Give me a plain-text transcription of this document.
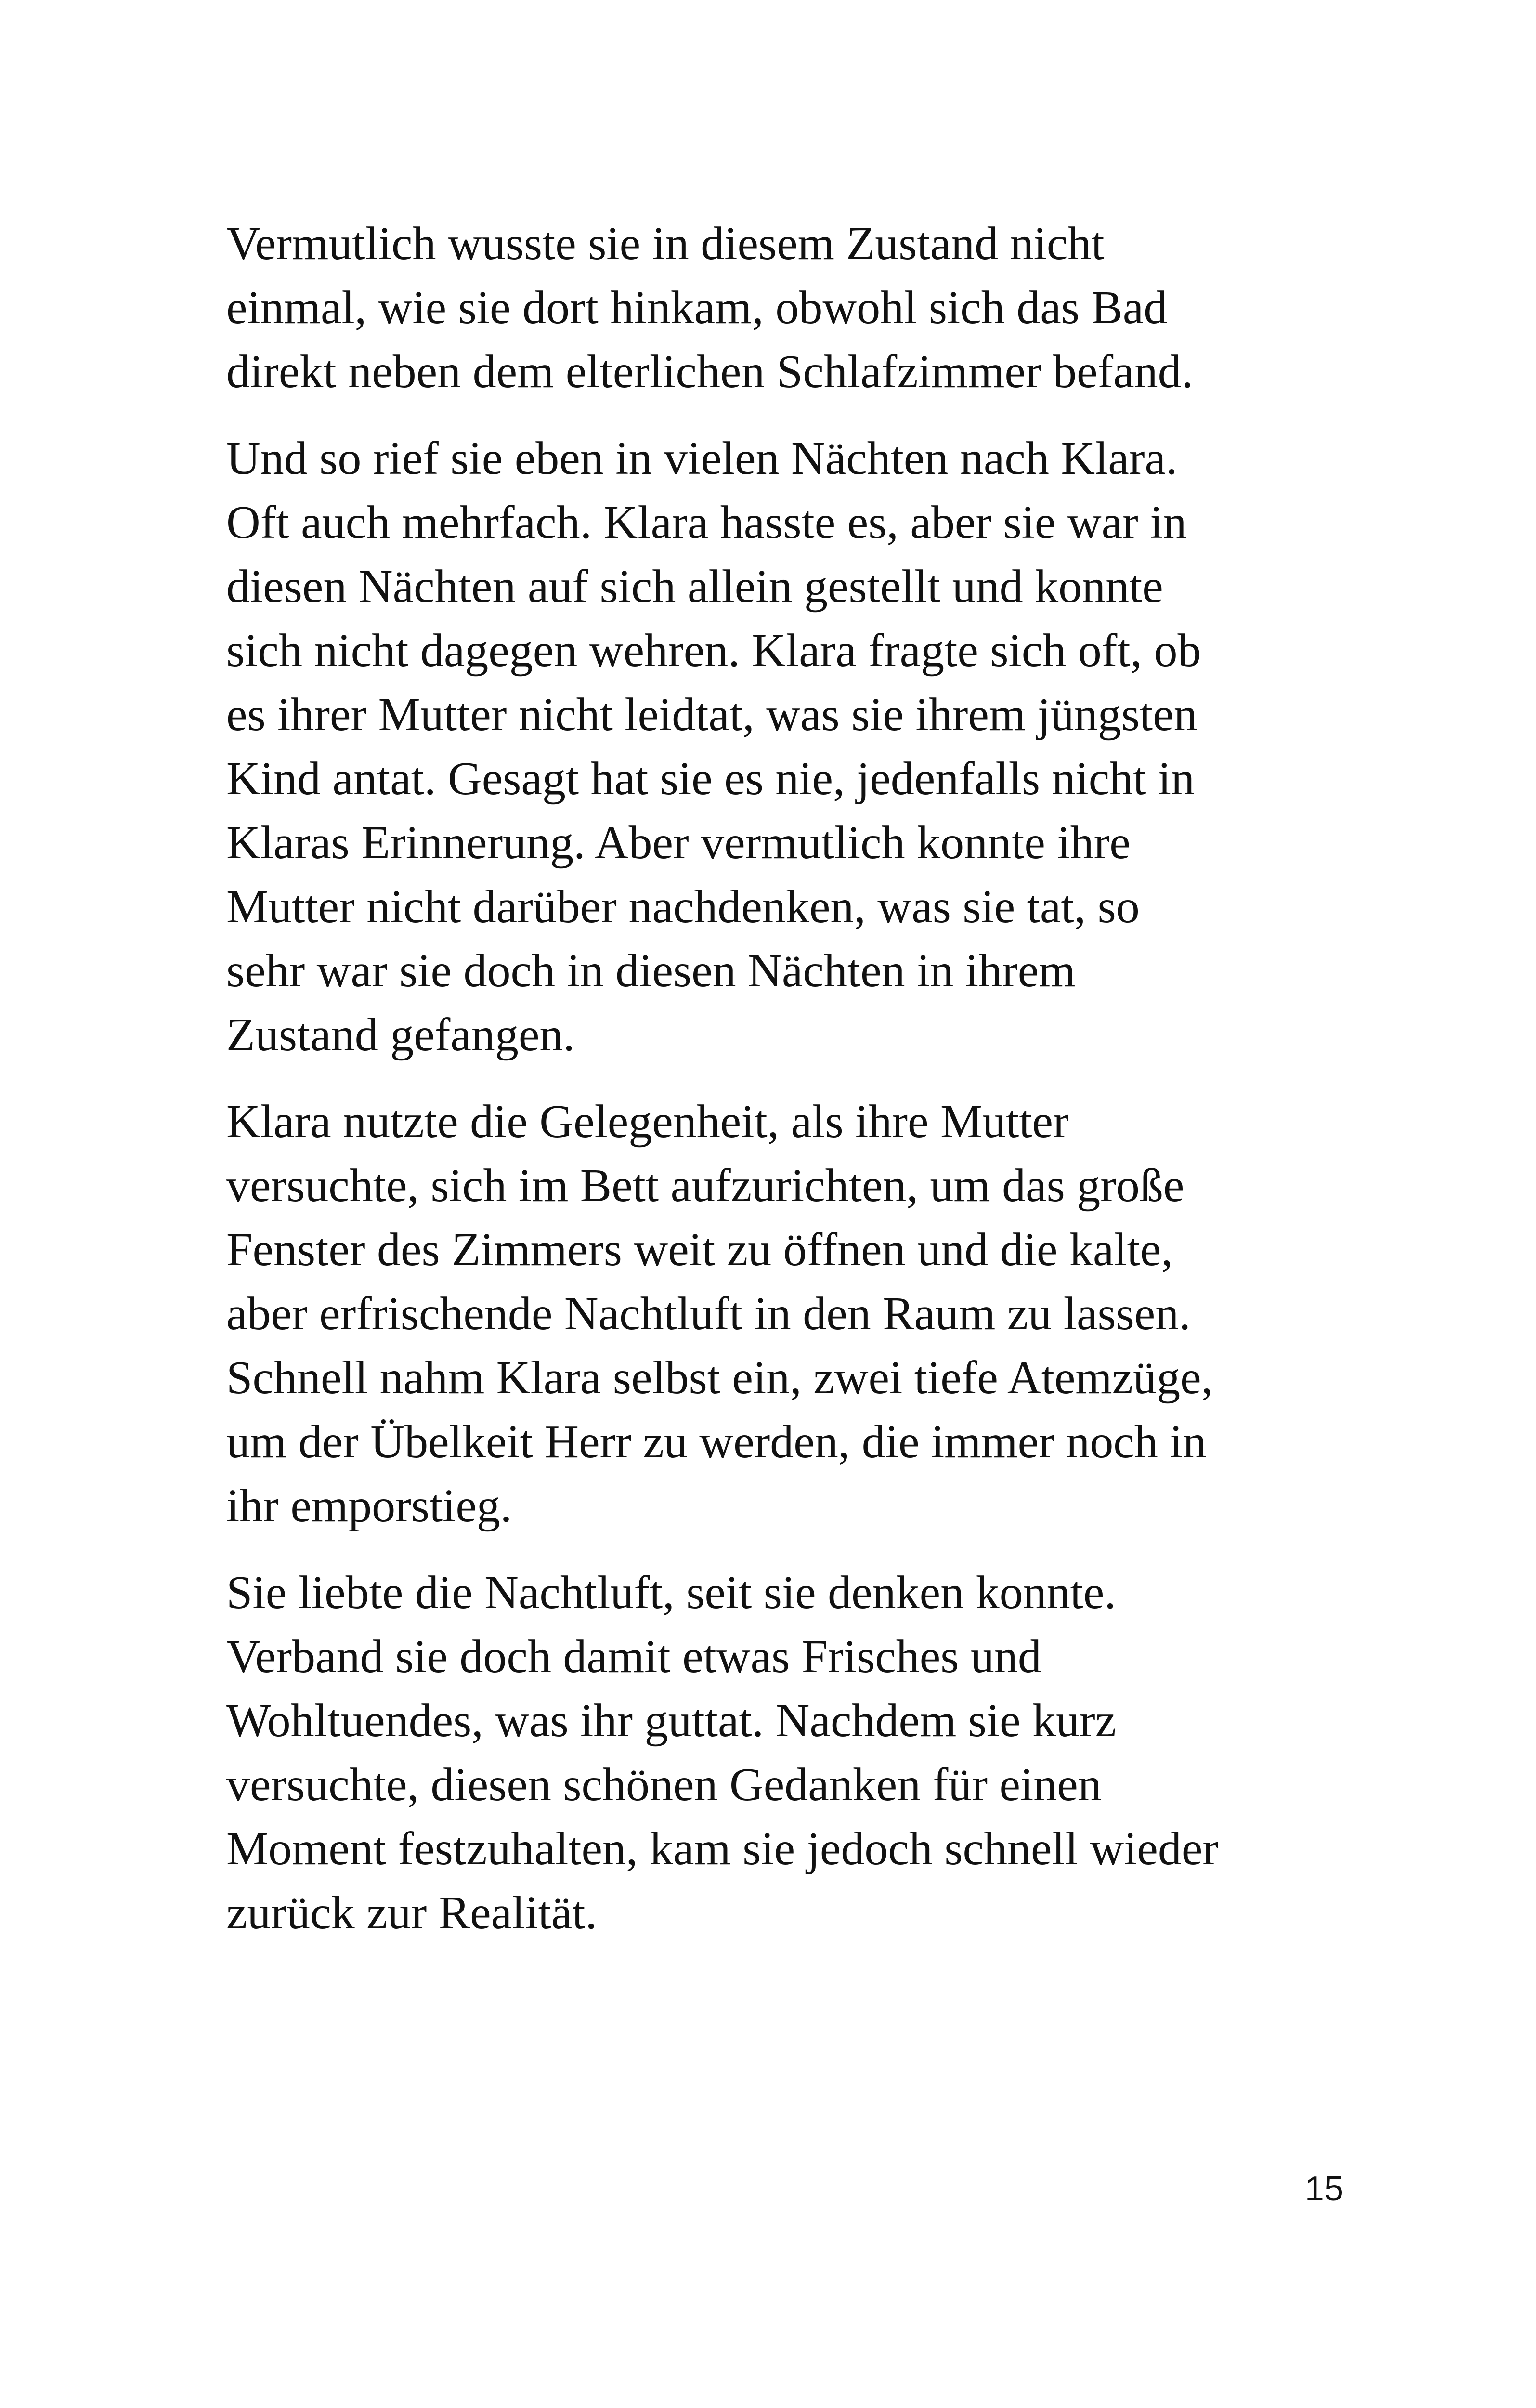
Vermutlich wusste sie in diesem Zustand nicht
einmal, wie sie dort hinkam, obwohl sich das Bad
direkt neben dem elterlichen Schlafzimmer befand.

Und so rief sie eben in vielen Nächten nach Klara.
Oft auch mehrfach. Klara hasste es, aber sie war in
diesen Nächten auf sich allein gestellt und konnte
sich nicht dagegen wehren. Klara fragte sich oft, ob
es ihrer Mutter nicht leidtat, was sie ihrem jüngsten
Kind antat. Gesagt hat sie es nie, jedenfalls nicht in
Klaras Erinnerung. Aber vermutlich konnte ihre
Mutter nicht darüber nachdenken, was sie tat, so
sehr war sie doch in diesen Nächten in ihrem
Zustand gefangen.

Klara nutzte die Gelegenheit, als ihre Mutter
versuchte, sich im Bett aufzurichten, um das große
Fenster des Zimmers weit zu öffnen und die kalte,
aber erfrischende Nachtluft in den Raum zu lassen.
Schnell nahm Klara selbst ein, zwei tiefe Atemzüge,
um der Übelkeit Herr zu werden, die immer noch in
ihr emporstieg.

Sie liebte die Nachtluft, seit sie denken konnte.
Verband sie doch damit etwas Frisches und
Wohltuendes, was ihr guttat. Nachdem sie kurz
versuchte, diesen schönen Gedanken für einen
Moment festzuhalten, kam sie jedoch schnell wieder
zurück zur Realität.

15
